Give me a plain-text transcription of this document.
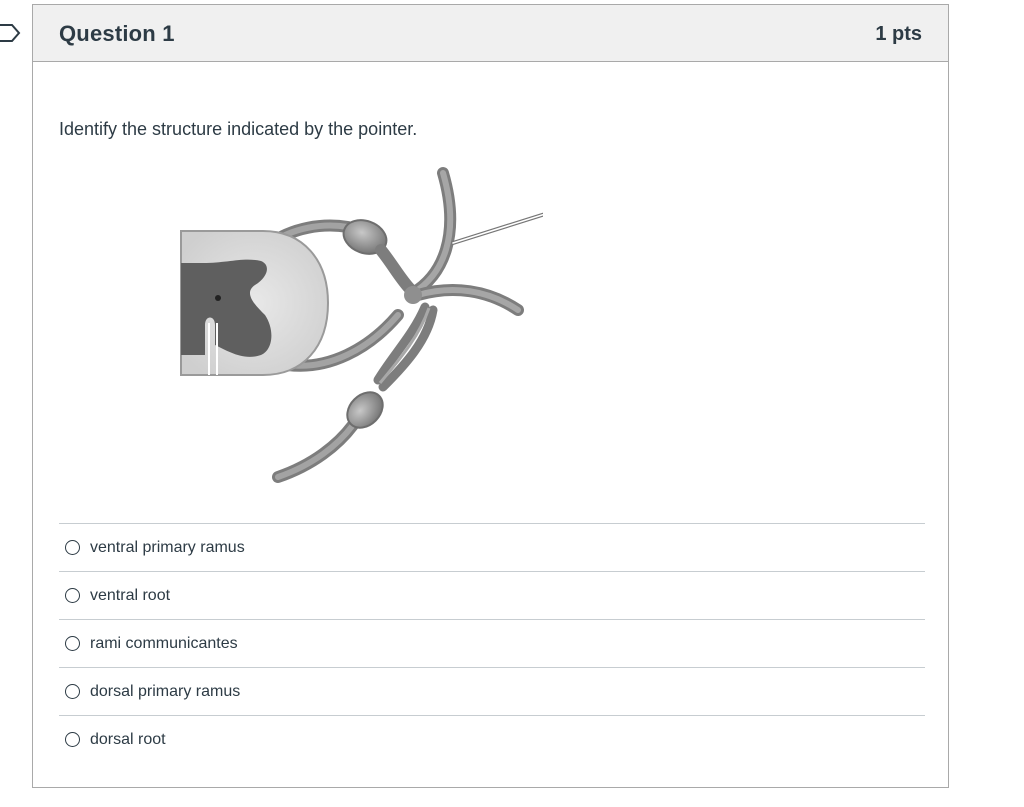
Question 1	1 pts
Identify the structure indicated by the pointer.
ventral primary ramus
ventral root
rami communicantes
dorsal primary ramus
dorsal root
